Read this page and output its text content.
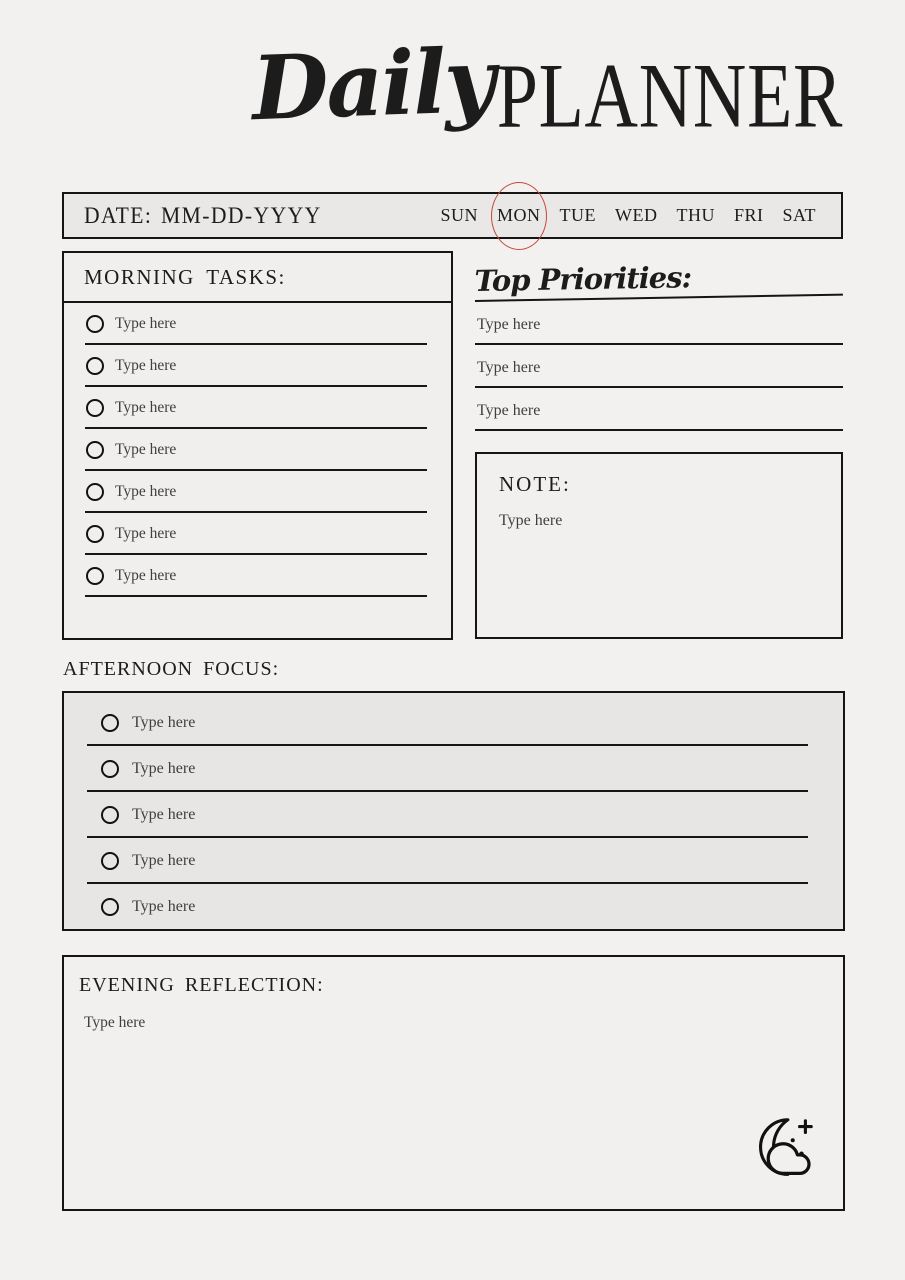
Daily PLANNER
DATE: MM-DD-YYYY	SUN MON TUE WED THU FRI SAT
MORNING TASKS:
Type here
Type here
Type here
Type here
Type here
Type here
Type here
Top Priorities:
Type here
Type here
Type here
NOTE:
Type here
AFTERNOON FOCUS:
Type here
Type here
Type here
Type here
Type here
EVENING REFLECTION:
Type here
